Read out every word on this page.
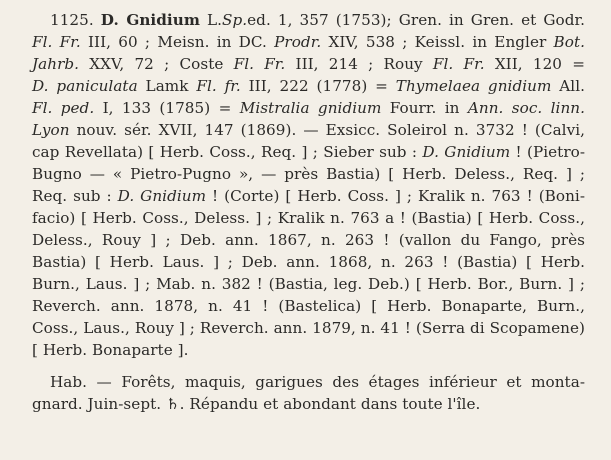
1125. D. Gnidium L.Sp.ed. 1, 357 (1753); Gren. in Gren. et Godr.
Fl. Fr. III, 60 ; Meisn. in DC. Prodr. XIV, 538 ; Keissl. in Engler Bot.
Jahrb. XXV, 72 ; Coste Fl. Fr. III, 214 ; Rouy Fl. Fr. XII, 120 =
D. paniculata Lamk Fl. fr. III, 222 (1778) = Thymelaea gnidium All.
Fl. ped. I, 133 (1785) = Mistralia gnidium Fourr. in Ann. soc. linn.
Lyon nouv. sér. XVII, 147 (1869). — Exsicc. Soleirol n. 3732 ! (Calvi,
cap Revellata) [ Herb. Coss., Req. ] ; Sieber sub : D. Gnidium ! (Pietro-
Bugno — « Pietro-Pugno », — près Bastia) [ Herb. Deless., Req. ] ;
Req. sub : D. Gnidium ! (Corte) [ Herb. Coss. ] ; Kralik n. 763 ! (Boni-
facio) [ Herb. Coss., Deless. ] ; Kralik n. 763 a ! (Bastia) [ Herb. Coss.,
Deless., Rouy ] ; Deb. ann. 1867, n. 263 ! (vallon du Fango, près
Bastia) [ Herb. Laus. ] ; Deb. ann. 1868, n. 263 ! (Bastia) [ Herb.
Burn., Laus. ] ; Mab. n. 382 ! (Bastia, leg. Deb.) [ Herb. Bor., Burn. ] ;
Reverch. ann. 1878, n. 41 ! (Bastelica) [ Herb. Bonaparte, Burn.,
Coss., Laus., Rouy ] ; Reverch. ann. 1879, n. 41 ! (Serra di Scopamene)
[ Herb. Bonaparte ].
Hab. — Forêts, maquis, garigues des étages inférieur et monta-
gnard. Juin-sept. ♄. Répandu et abondant dans toute l'île.
